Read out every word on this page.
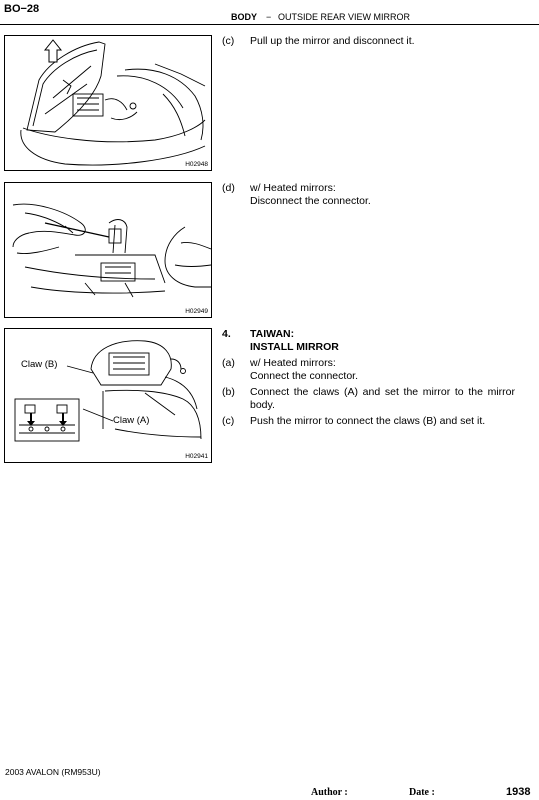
BO−28
BODY − OUTSIDE REAR VIEW MIRROR
H02948
H02949
Claw (B)
Claw (A)
H02941
(c) Pull up the mirror and disconnect it.
(d) w/ Heated mirrors:
Disconnect the connector.
4. TAIWAN:
INSTALL MIRROR
(a) w/ Heated mirrors:
Connect the connector.
(b) Connect the claws (A) and set the mirror to the mirror body.
(c) Push the mirror to connect the claws (B) and set it.
2003 AVALON (RM953U)
Author :	Date :	1938
